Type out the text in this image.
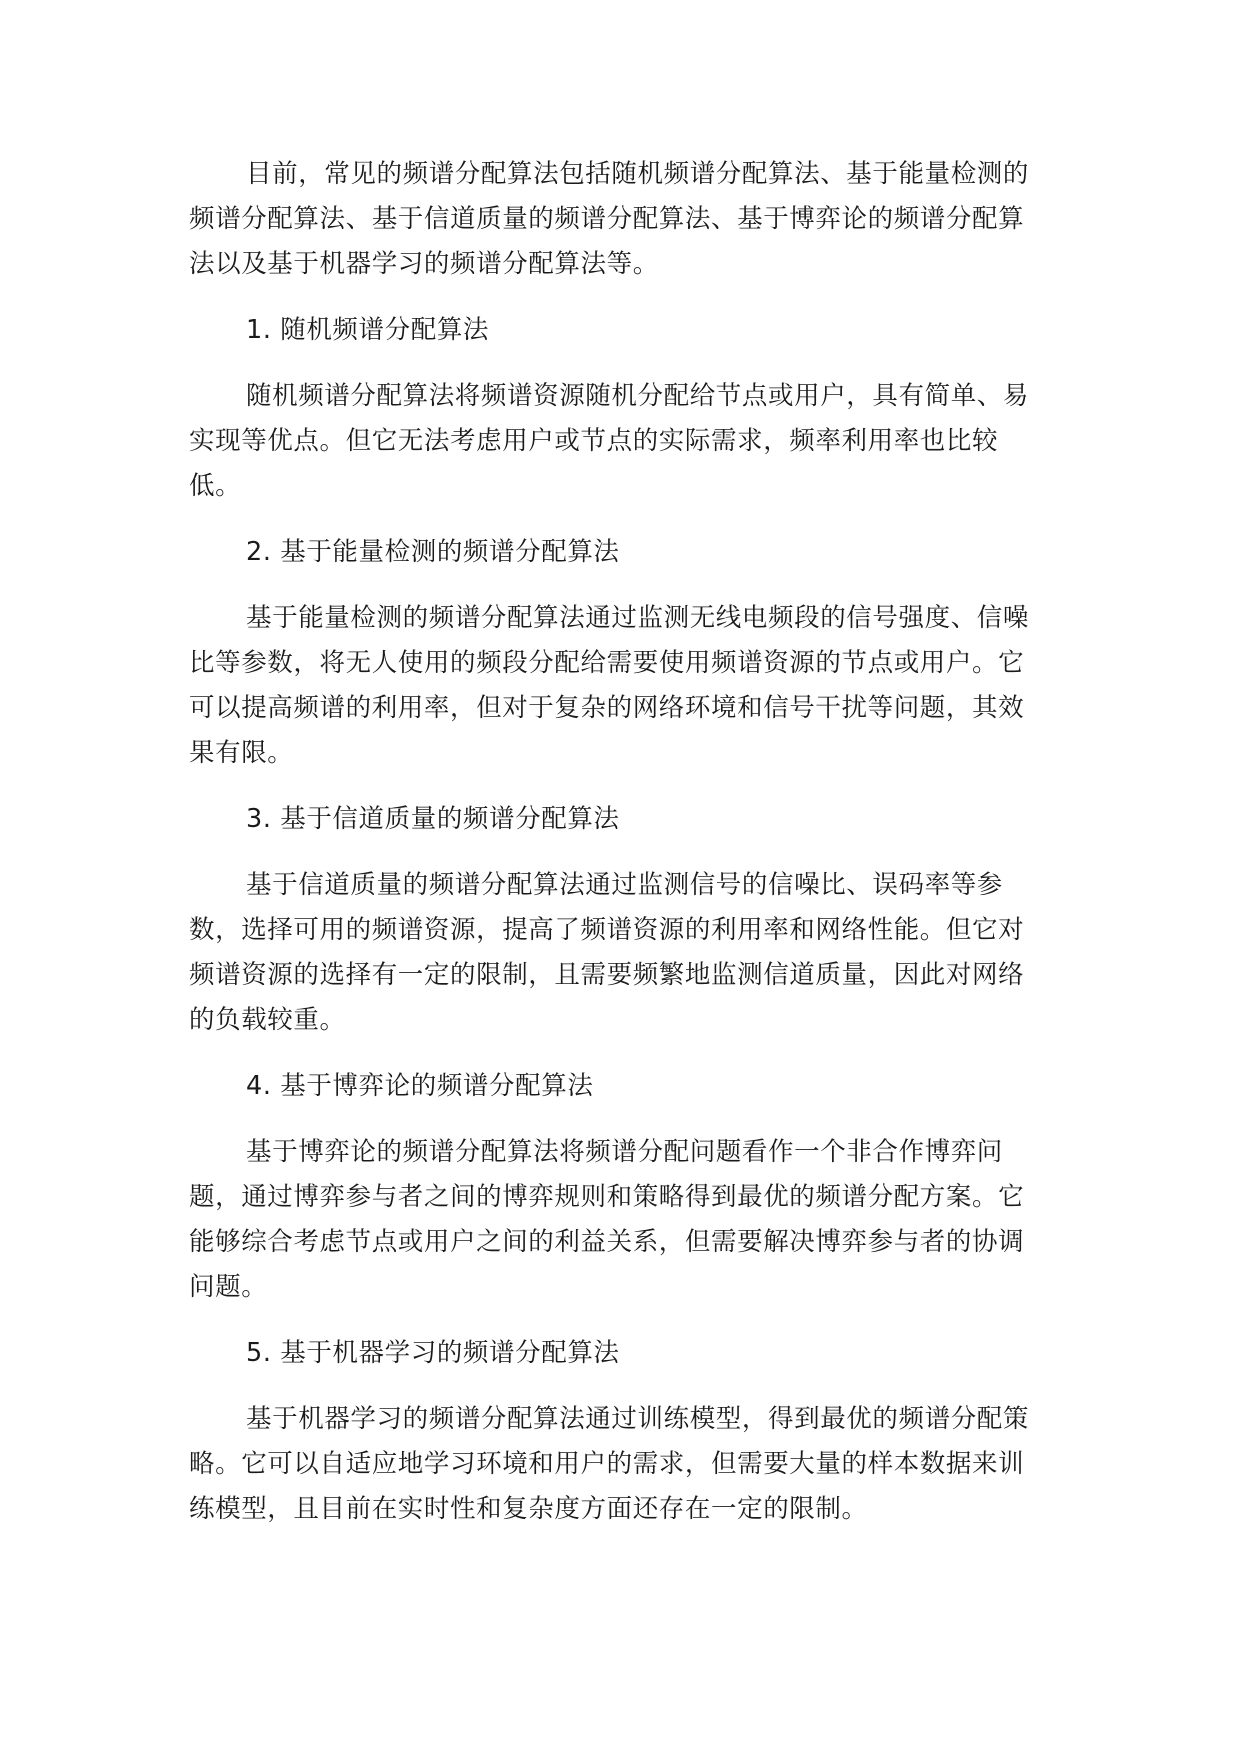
目前，常见的频谱分配算法包括随机频谱分配算法、基于能量检测的频谱分配算法、基于信道质量的频谱分配算法、基于博弈论的频谱分配算法以及基于机器学习的频谱分配算法等。

1. 随机频谱分配算法

随机频谱分配算法将频谱资源随机分配给节点或用户，具有简单、易实现等优点。但它无法考虑用户或节点的实际需求，频率利用率也比较低。

2. 基于能量检测的频谱分配算法

基于能量检测的频谱分配算法通过监测无线电频段的信号强度、信噪比等参数，将无人使用的频段分配给需要使用频谱资源的节点或用户。它可以提高频谱的利用率，但对于复杂的网络环境和信号干扰等问题，其效果有限。

3. 基于信道质量的频谱分配算法

基于信道质量的频谱分配算法通过监测信号的信噪比、误码率等参数，选择可用的频谱资源，提高了频谱资源的利用率和网络性能。但它对频谱资源的选择有一定的限制，且需要频繁地监测信道质量，因此对网络的负载较重。

4. 基于博弈论的频谱分配算法

基于博弈论的频谱分配算法将频谱分配问题看作一个非合作博弈问题，通过博弈参与者之间的博弈规则和策略得到最优的频谱分配方案。它能够综合考虑节点或用户之间的利益关系，但需要解决博弈参与者的协调问题。

5. 基于机器学习的频谱分配算法

基于机器学习的频谱分配算法通过训练模型，得到最优的频谱分配策略。它可以自适应地学习环境和用户的需求，但需要大量的样本数据来训练模型，且目前在实时性和复杂度方面还存在一定的限制。
